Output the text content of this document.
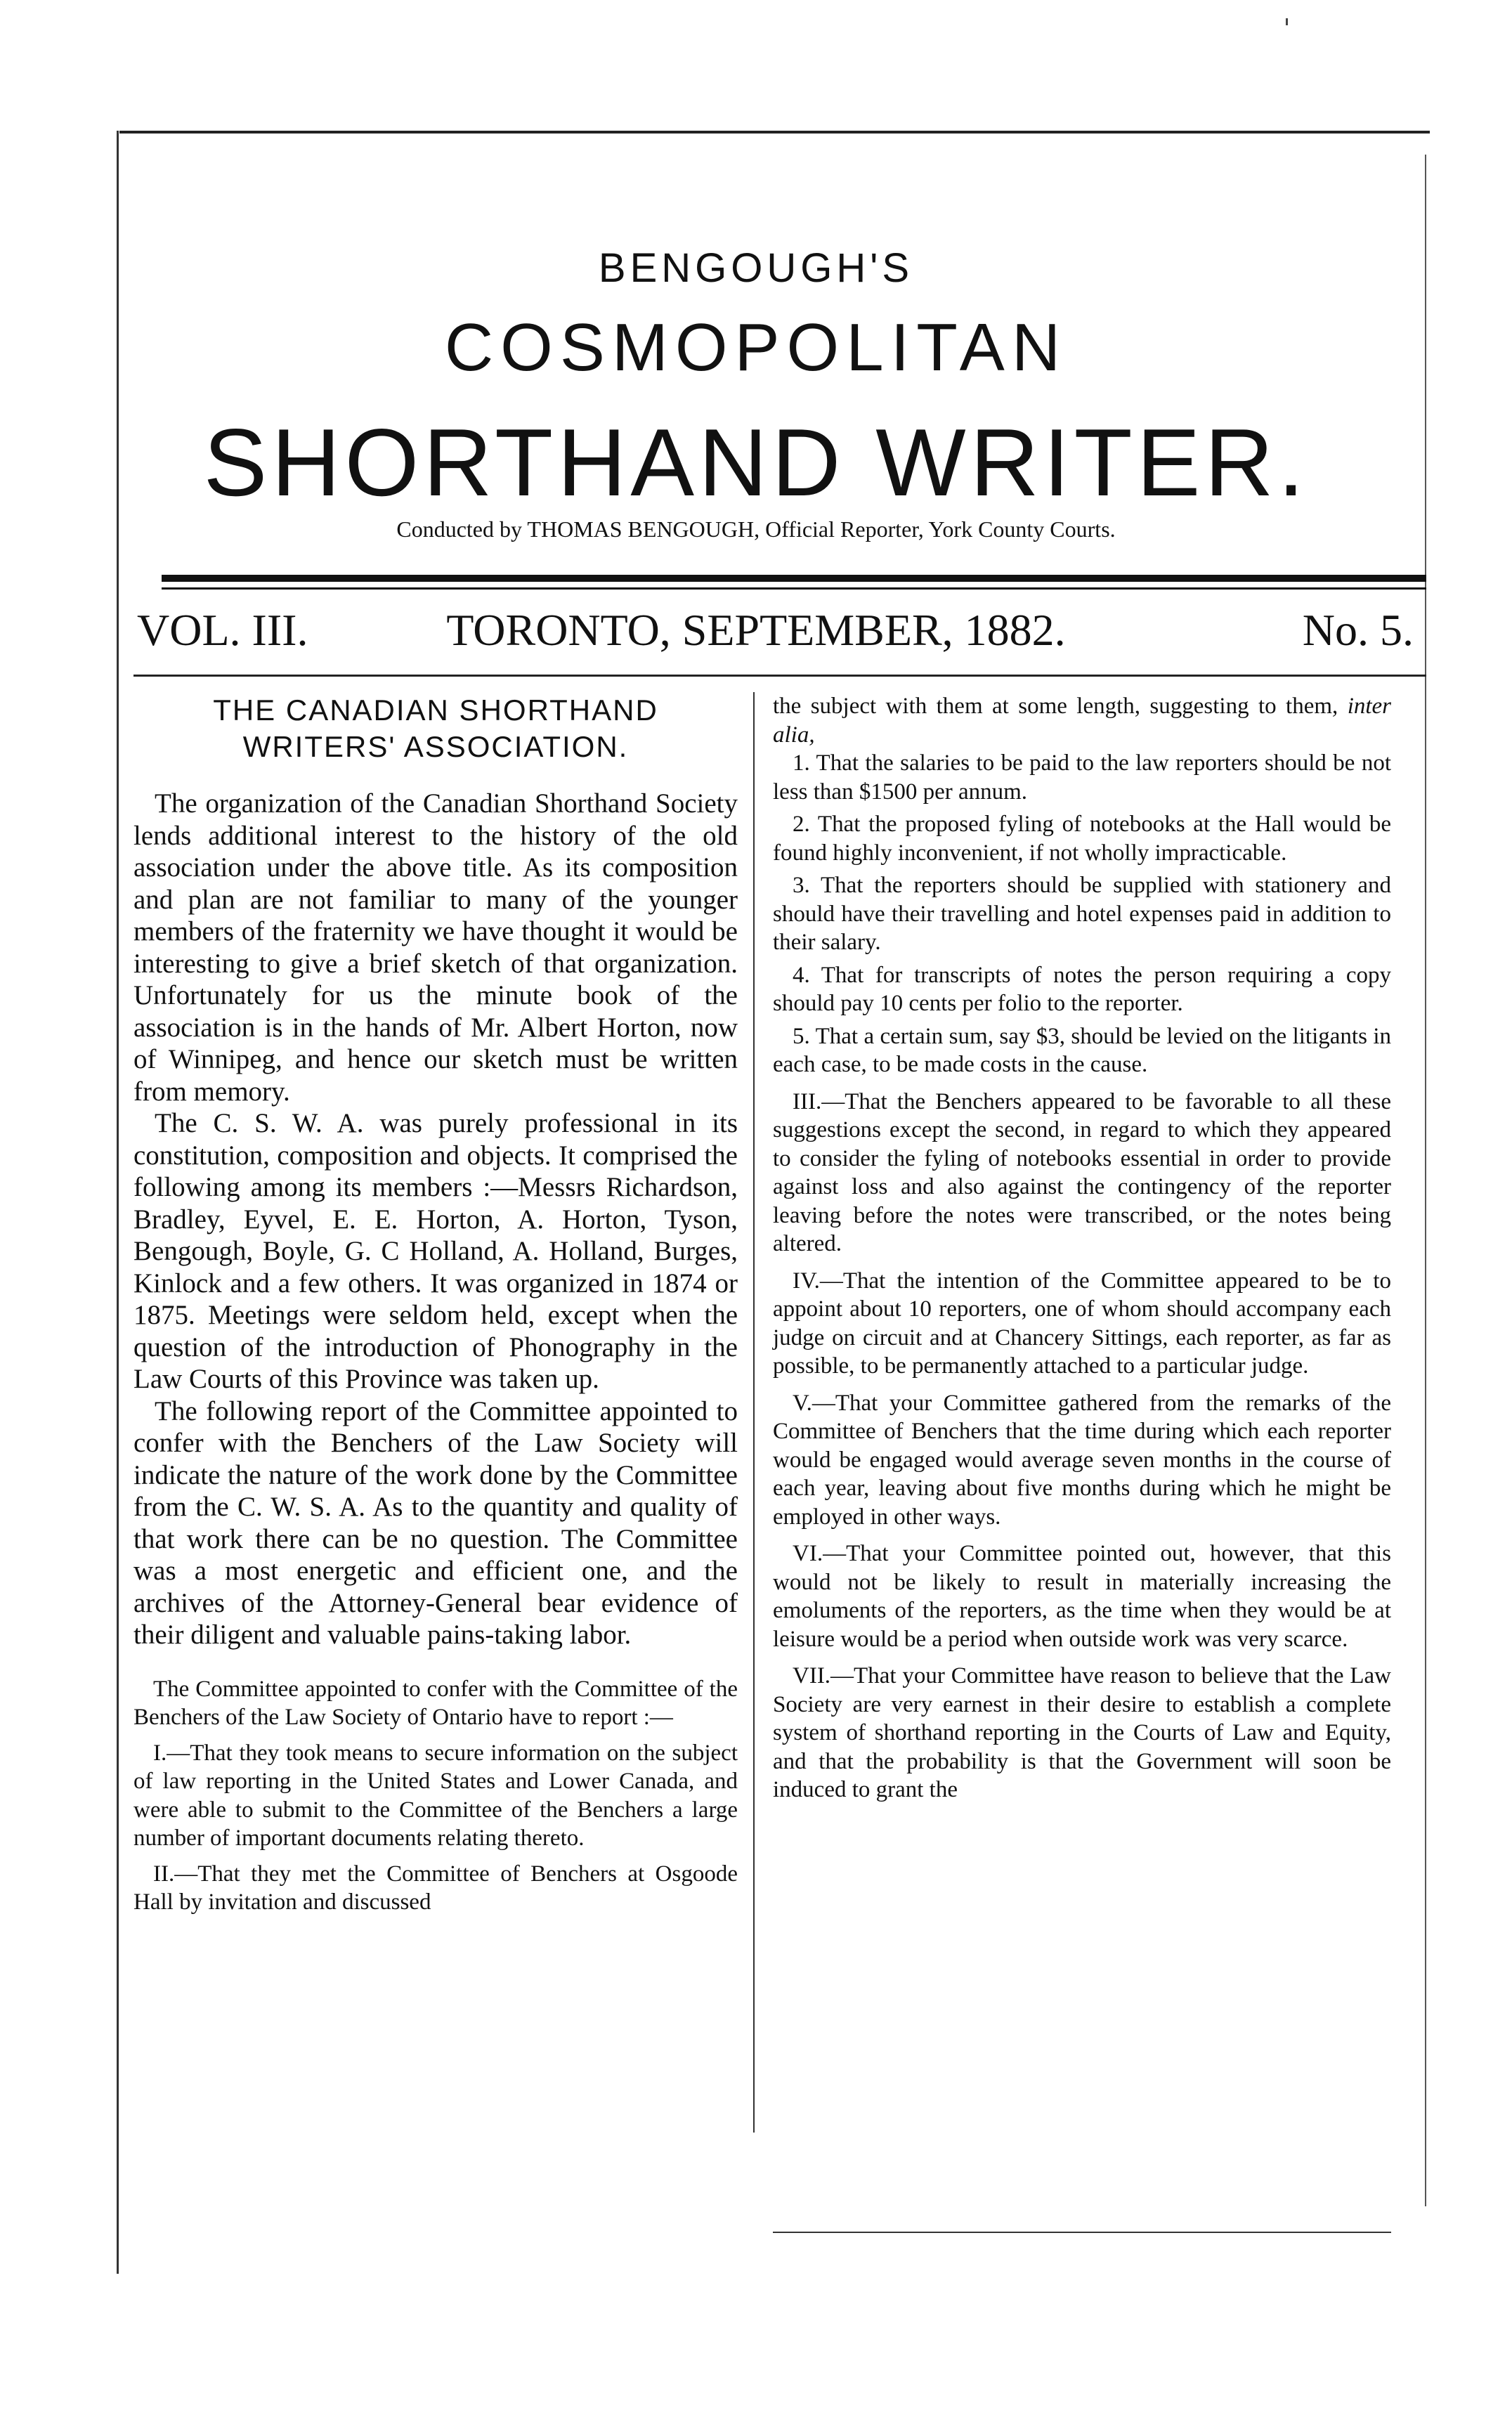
BENGOUGH'S
COSMOPOLITAN
SHORTHAND WRITER.
Conducted by THOMAS BENGOUGH, Official Reporter, York County Courts.
VOL. III.	TORONTO, SEPTEMBER, 1882.	No. 5.
THE CANADIAN SHORTHAND
WRITERS' ASSOCIATION.

The organization of the Canadian Shorthand Society lends additional interest to the history of the old association under the above title. As its composition and plan are not familiar to many of the younger members of the fraternity we have thought it would be interesting to give a brief sketch of that organization. Unfortunately for us the minute book of the association is in the hands of Mr. Albert Horton, now of Winnipeg, and hence our sketch must be written from memory.

The C. S. W. A. was purely professional in its constitution, composition and objects. It comprised the following among its members :—Messrs Richardson, Bradley, Eyvel, E. E. Horton, A. Horton, Tyson, Bengough, Boyle, G. C Holland, A. Holland, Burges, Kinlock and a few others. It was organized in 1874 or 1875. Meetings were seldom held, except when the question of the introduction of Phonography in the Law Courts of this Province was taken up.

The following report of the Committee appointed to confer with the Benchers of the Law Society will indicate the nature of the work done by the Committee from the C. W. S. A. As to the quantity and quality of that work there can be no question. The Committee was a most energetic and efficient one, and the archives of the Attorney-General bear evidence of their diligent and valuable pains-taking labor.

The Committee appointed to confer with the Committee of the Benchers of the Law Society of Ontario have to report :—

I.—That they took means to secure information on the subject of law reporting in the United States and Lower Canada, and were able to submit to the Committee of the Benchers a large number of important documents relating thereto.

II.—That they met the Committee of Benchers at Osgoode Hall by invitation and discussed

the subject with them at some length, suggesting to them, inter alia,

1. That the salaries to be paid to the law reporters should be not less than $1500 per annum.

2. That the proposed fyling of notebooks at the Hall would be found highly inconvenient, if not wholly impracticable.

3. That the reporters should be supplied with stationery and should have their travelling and hotel expenses paid in addition to their salary.

4. That for transcripts of notes the person requiring a copy should pay 10 cents per folio to the reporter.

5. That a certain sum, say $3, should be levied on the litigants in each case, to be made costs in the cause.

III.—That the Benchers appeared to be favorable to all these suggestions except the second, in regard to which they appeared to consider the fyling of notebooks essential in order to provide against loss and also against the contingency of the reporter leaving before the notes were transcribed, or the notes being altered.

IV.—That the intention of the Committee appeared to be to appoint about 10 reporters, one of whom should accompany each judge on circuit and at Chancery Sittings, each reporter, as far as possible, to be permanently attached to a particular judge.

V.—That your Committee gathered from the remarks of the Committee of Benchers that the time during which each reporter would be engaged would average seven months in the course of each year, leaving about five months during which he might be employed in other ways.

VI.—That your Committee pointed out, however, that this would not be likely to result in materially increasing the emoluments of the reporters, as the time when they would be at leisure would be a period when outside work was very scarce.

VII.—That your Committee have reason to believe that the Law Society are very earnest in their desire to establish a complete system of shorthand reporting in the Courts of Law and Equity, and that the probability is that the Government will soon be induced to grant the
